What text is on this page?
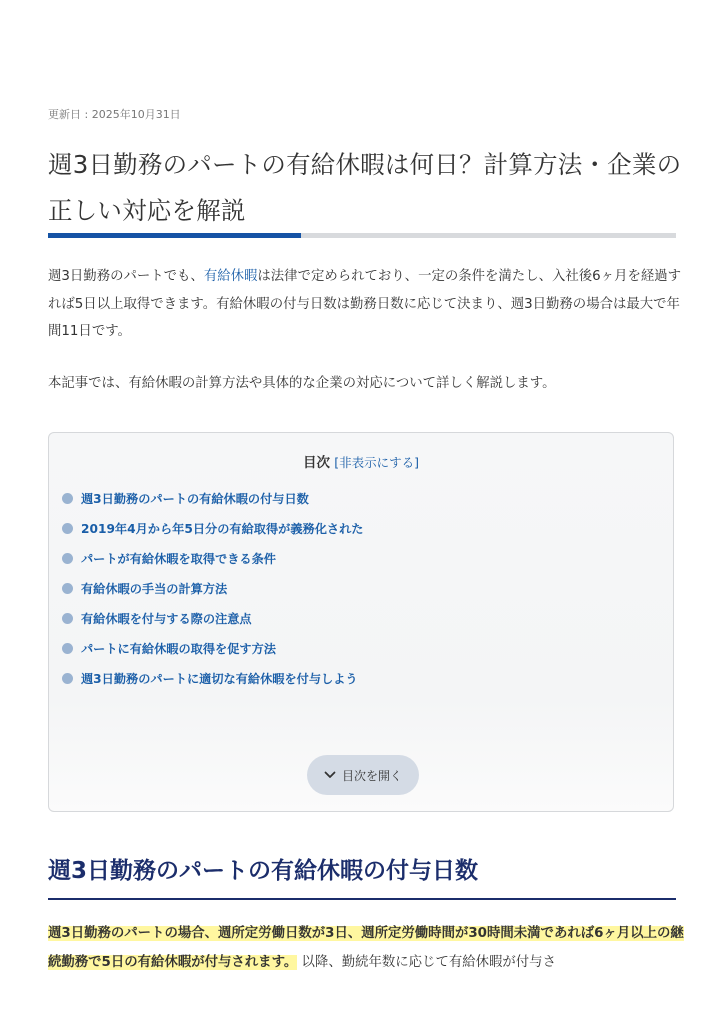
更新日 : 2025年10月31日
週3日勤務のパートの有給休暇は何日？計算方法・企業の正しい対応を解説

週3日勤務のパートでも、有給休暇は法律で定められており、一定の条件を満たし、入社後6ヶ月を経過すれば5日以上取得できます。有給休暇の付与日数は勤務日数に応じて決まり、週3日勤務の場合は最大で年間11日です。

本記事では、有給休暇の計算方法や具体的な企業の対応について詳しく解説します。

目次 [非表示にする]
週3日勤務のパートの有給休暇の付与日数
2019年4月から年5日分の有給取得が義務化された
パートが有給休暇を取得できる条件
有給休暇の手当の計算方法
有給休暇を付与する際の注意点
パートに有給休暇の取得を促す方法
週3日勤務のパートに適切な有給休暇を付与しよう
目次を開く
週3日勤務のパートの有給休暇の付与日数

週3日勤務のパートの場合、週所定労働日数が3日、週所定労働時間が30時間未満であれば6ヶ月以上の継続勤務で5日の有給休暇が付与されます。 以降、勤続年数に応じて有給休暇が付与さ
